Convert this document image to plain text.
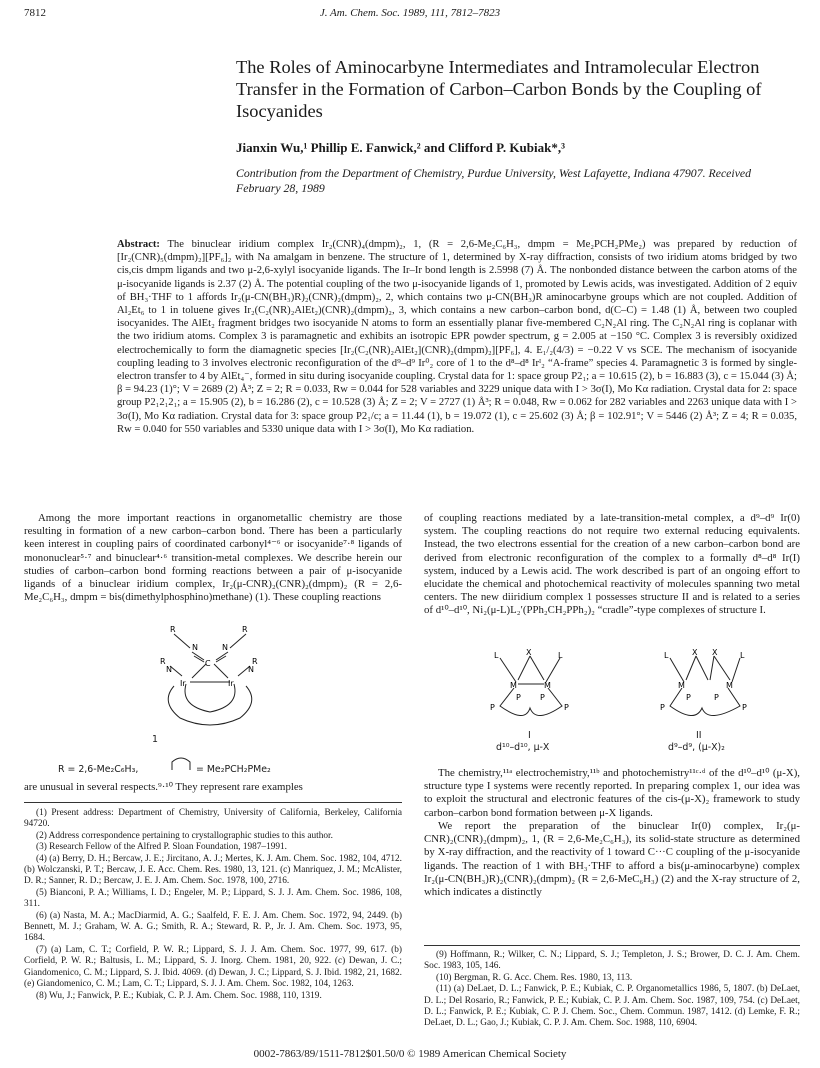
7812	J. Am. Chem. Soc. 1989, 111, 7812–7823
The Roles of Aminocarbyne Intermediates and Intramolecular Electron Transfer in the Formation of Carbon–Carbon Bonds by the Coupling of Isocyanides
Jianxin Wu,¹ Phillip E. Fanwick,² and Clifford P. Kubiak*,³
Contribution from the Department of Chemistry, Purdue University, West Lafayette, Indiana 47907. Received February 28, 1989
Abstract: The binuclear iridium complex Ir₂(CNR)₄(dmpm)₂, 1, (R = 2,6-Me₂C₆H₃, dmpm = Me₂PCH₂PMe₂) was prepared by reduction of [Ir₂(CNR)₅(dmpm)₂][PF₆]₂ with Na amalgam in benzene. The structure of 1, determined by X-ray diffraction, consists of two iridium atoms bridged by two cis,cis dmpm ligands and two μ-2,6-xylyl isocyanide ligands. The Ir–Ir bond length is 2.5998 (7) Å. The nonbonded distance between the carbon atoms of the μ-isocyanide ligands is 2.37 (2) Å. The potential coupling of the two μ-isocyanide ligands of 1, promoted by Lewis acids, was investigated. Addition of 2 equiv of BH₃·THF to 1 affords Ir₂(μ-CN(BH₃)R)₂(CNR)₂(dmpm)₂, 2, which contains two μ-CN(BH₃)R aminocarbyne groups which are not coupled. Addition of Al₂Et₆ to 1 in toluene gives Ir₂(C₂(NR)₂AlEt₂)(CNR)₂(dmpm)₂, 3, which contains a new carbon–carbon bond, d(C–C) = 1.48 (1) Å, between two coupled isocyanides. The AlEt₂ fragment bridges two isocyanide N atoms to form an essentially planar five-membered C₂N₂Al ring. The C₂N₂Al ring is coplanar with the two iridium atoms. Complex 3 is paramagnetic and exhibits an isotropic EPR powder spectrum, g = 2.005 at −150 °C. Complex 3 is reversibly oxidized electrochemically to form the diamagnetic species [Ir₂(C₂(NR)₂AlEt₂](CNR)₂(dmpm)₂][PF₆], 4. E₁/₂(4/3) = −0.22 V vs SCE. The mechanism of isocyanide coupling leading to 3 involves electronic reconfiguration of the d⁹–d⁹ Ir⁰₂ core of 1 to the d⁸–d⁸ Irᴵ₂ “A-frame” species 4. Paramagnetic 3 is formed by single-electron transfer to 4 by AlEt₄⁻, formed in situ during isocyanide coupling. Crystal data for 1: space group P2₁; a = 10.615 (2), b = 16.883 (3), c = 15.044 (3) Å; β = 94.23 (1)°; V = 2689 (2) Å³; Z = 2; R = 0.033, Rw = 0.044 for 528 variables and 3229 unique data with I > 3σ(I), Mo Kα radiation. Crystal data for 2: space group P2₁2₁2₁; a = 15.905 (2), b = 16.286 (2), c = 10.528 (3) Å; Z = 2; V = 2727 (1) Å³; R = 0.048, Rw = 0.062 for 282 variables and 2263 unique data with I > 3σ(I), Mo Kα radiation. Crystal data for 3: space group P2₁/c; a = 11.44 (1), b = 19.072 (1), c = 25.602 (3) Å; β = 102.91°; V = 5446 (2) Å³; Z = 4; R = 0.035, Rw = 0.040 for 550 variables and 5330 unique data with I > 3σ(I), Mo Kα radiation.
Among the more important reactions in organometallic chemistry are those resulting in formation of a new carbon–carbon bond. There has been a particularly keen interest in coupling pairs of coordinated carbonyl⁴⁻⁶ or isocyanide⁷·⁸ ligands of mononuclear⁵·⁷ and binuclear⁴·⁶ transition-metal complexes. We describe herein our studies of carbon–carbon bond forming reactions between a pair of μ-isocyanide ligands of a binuclear iridium complex, Ir₂(μ-CNR)₂(CNR)₂(dmpm)₂ (R = 2,6-Me₂C₆H₃, dmpm = bis(dimethylphosphino)methane) (1). These coupling reactions
R
N
R
N
C
R
N
R
N
Ir	Ir
1
R = 2,6-Me₂C₆H₃,	= Me₂PCH₂PMe₂
are unusual in several respects.⁹·¹⁰ They represent rare examples

(1) Present address: Department of Chemistry, University of California, Berkeley, California 94720.

(2) Address correspondence pertaining to crystallographic studies to this author.

(3) Research Fellow of the Alfred P. Sloan Foundation, 1987–1991.

(4) (a) Berry, D. H.; Bercaw, J. E.; Jircitano, A. J.; Mertes, K. J. Am. Chem. Soc. 1982, 104, 4712. (b) Wolczanski, P. T.; Bercaw, J. E. Acc. Chem. Res. 1980, 13, 121. (c) Manriquez, J. M.; McAlister, D. R.; Sanner, R. D.; Bercaw, J. E. J. Am. Chem. Soc. 1978, 100, 2716.

(5) Bianconi, P. A.; Williams, I. D.; Engeler, M. P.; Lippard, S. J. J. Am. Chem. Soc. 1986, 108, 311.

(6) (a) Nasta, M. A.; MacDiarmid, A. G.; Saalfeld, F. E. J. Am. Chem. Soc. 1972, 94, 2449. (b) Bennett, M. J.; Graham, W. A. G.; Smith, R. A.; Steward, R. P., Jr. J. Am. Chem. Soc. 1973, 95, 1684.

(7) (a) Lam, C. T.; Corfield, P. W. R.; Lippard, S. J. J. Am. Chem. Soc. 1977, 99, 617. (b) Corfield, P. W. R.; Baltusis, L. M.; Lippard, S. J. Inorg. Chem. 1981, 20, 922. (c) Dewan, J. C.; Giandomenico, C. M.; Lippard, S. J. Ibid. 4069. (d) Dewan, J. C.; Lippard, S. J. Ibid. 1982, 21, 1682. (e) Giandomenico, C. M.; Lam, C. T.; Lippard, S. J. J. Am. Chem. Soc. 1982, 104, 1263.

(8) Wu, J.; Fanwick, P. E.; Kubiak, C. P. J. Am. Chem. Soc. 1988, 110, 1319.

of coupling reactions mediated by a late-transition-metal complex, a d⁹–d⁹ Ir(0) system. The coupling reactions do not require two external reducing equivalents. Instead, the two electrons essential for the creation of a new carbon–carbon bond are derived from electronic reconfiguration of the complex to a formally d⁸–d⁸ Ir(I) system, induced by a Lewis acid. The work described is part of an ongoing effort to elucidate the chemical and photochemical reactivity of molecules spanning two metal centers. The new diiridium complex 1 possesses structure II and is related to a series of d¹⁰–d¹⁰, Ni₂(μ-L)L₂′(PPh₂CH₂PPh₂)₂ “cradle”-type complexes of structure I.
L	X	L
M	M
P
P P
P
L	X X	L
M	M
P
P	P
P
I
d¹⁰–d¹⁰, μ-X
II
d⁹–d⁹, (μ-X)₂
The chemistry,¹¹ᵃ electrochemistry,¹¹ᵇ and photochemistry¹¹ᶜ·ᵈ of the d¹⁰–d¹⁰ (μ-X), structure type I systems were recently reported. In preparing complex 1, our idea was to exploit the structural and electronic features of the cis-(μ-X)₂ framework to study carbon–carbon bond formation between μ-X ligands.
We report the preparation of the binuclear Ir(0) complex, Ir₂(μ-CNR)₂(CNR)₂(dmpm)₂, 1, (R = 2,6-Me₂C₆H₃), its solid-state structure as determined by X-ray diffraction, and the reactivity of 1 toward C···C coupling of the μ-isocyanide ligands. The reaction of 1 with BH₃·THF to afford a bis(μ-aminocarbyne) complex Ir₂(μ-CN(BH₃)R)₂(CNR)₂(dmpm)₂ (R = 2,6-MeC₆H₃) (2) and the X-ray structure of 2, which indicates a distinctly

(9) Hoffmann, R.; Wilker, C. N.; Lippard, S. J.; Templeton, J. S.; Brower, D. C. J. Am. Chem. Soc. 1983, 105, 146.

(10) Bergman, R. G. Acc. Chem. Res. 1980, 13, 113.

(11) (a) DeLaet, D. L.; Fanwick, P. E.; Kubiak, C. P. Organometallics 1986, 5, 1807. (b) DeLaet, D. L.; Del Rosario, R.; Fanwick, P. E.; Kubiak, C. P. J. Am. Chem. Soc. 1987, 109, 754. (c) DeLaet, D. L.; Fanwick, P. E.; Kubiak, C. P. J. Chem. Soc., Chem. Commun. 1987, 1412. (d) Lemke, F. R.; DeLaet, D. L.; Gao, J.; Kubiak, C. P. J. Am. Chem. Soc. 1988, 110, 6904.

0002-7863/89/1511-7812$01.50/0 © 1989 American Chemical Society
